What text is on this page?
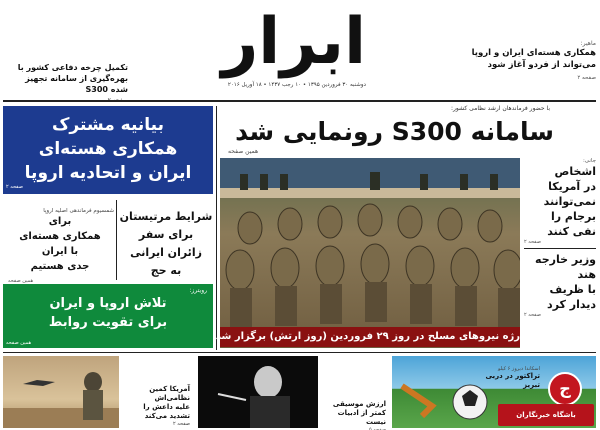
ابرار
دوشنبه ۳۰ فروردین ۱۳۹۵ • ۱۰ رجب ۱۴۳۷ • ۱۸ آوریل ۲۰۱۶
ماهیر:
همکاری هسته‌ای ایران و اروپا می‌تواند از فردو آغاز شود
صفحه ۲
تکمیل چرخه دفاعی کشور با بهره‌گیری از سامانه تجهیز شده S300
بیانیه مشترک
همکاری هسته‌ای
ایران و اتحادیه اروپا
صفحه ۲
با حضور فرماندهان ارشد نظامی کشور:
سامانه S300 رونمایی شد
همین صفحه
رژه نیروهای مسلح در روز ۲۹ فروردین (روز ارتش) برگزار شد
جانی:
اشخاص
در آمریکا
نمی‌توانند
برجام را
نفی کنند
صفحه ۲
وزیر خارجه
هند
با ظریف
دیدار کرد
صفحه ۲
شرایط مرتیستان
برای سفر
زائران ایرانی
به حج
شمسیوم فرماندهی اصلیه اروپا
برای
همکاری هسته‌ای
با ایران
جدی هستیم
همین صفحه
رویترز:
تلاش اروپا و ایران
برای تقویت روابط
همین صفحه
آمریکا کمین نظامی‌اش
علیه داعش را
تشدید می‌کند
صفحه ۲
ارزش موسیقی
کمتر از ادبیات
نیست
صفحه ۵
اسکاندا دیروز ۶ کیلو
تراکتور در دربی
تبریز	ج
باشگاه خبرنگاران
